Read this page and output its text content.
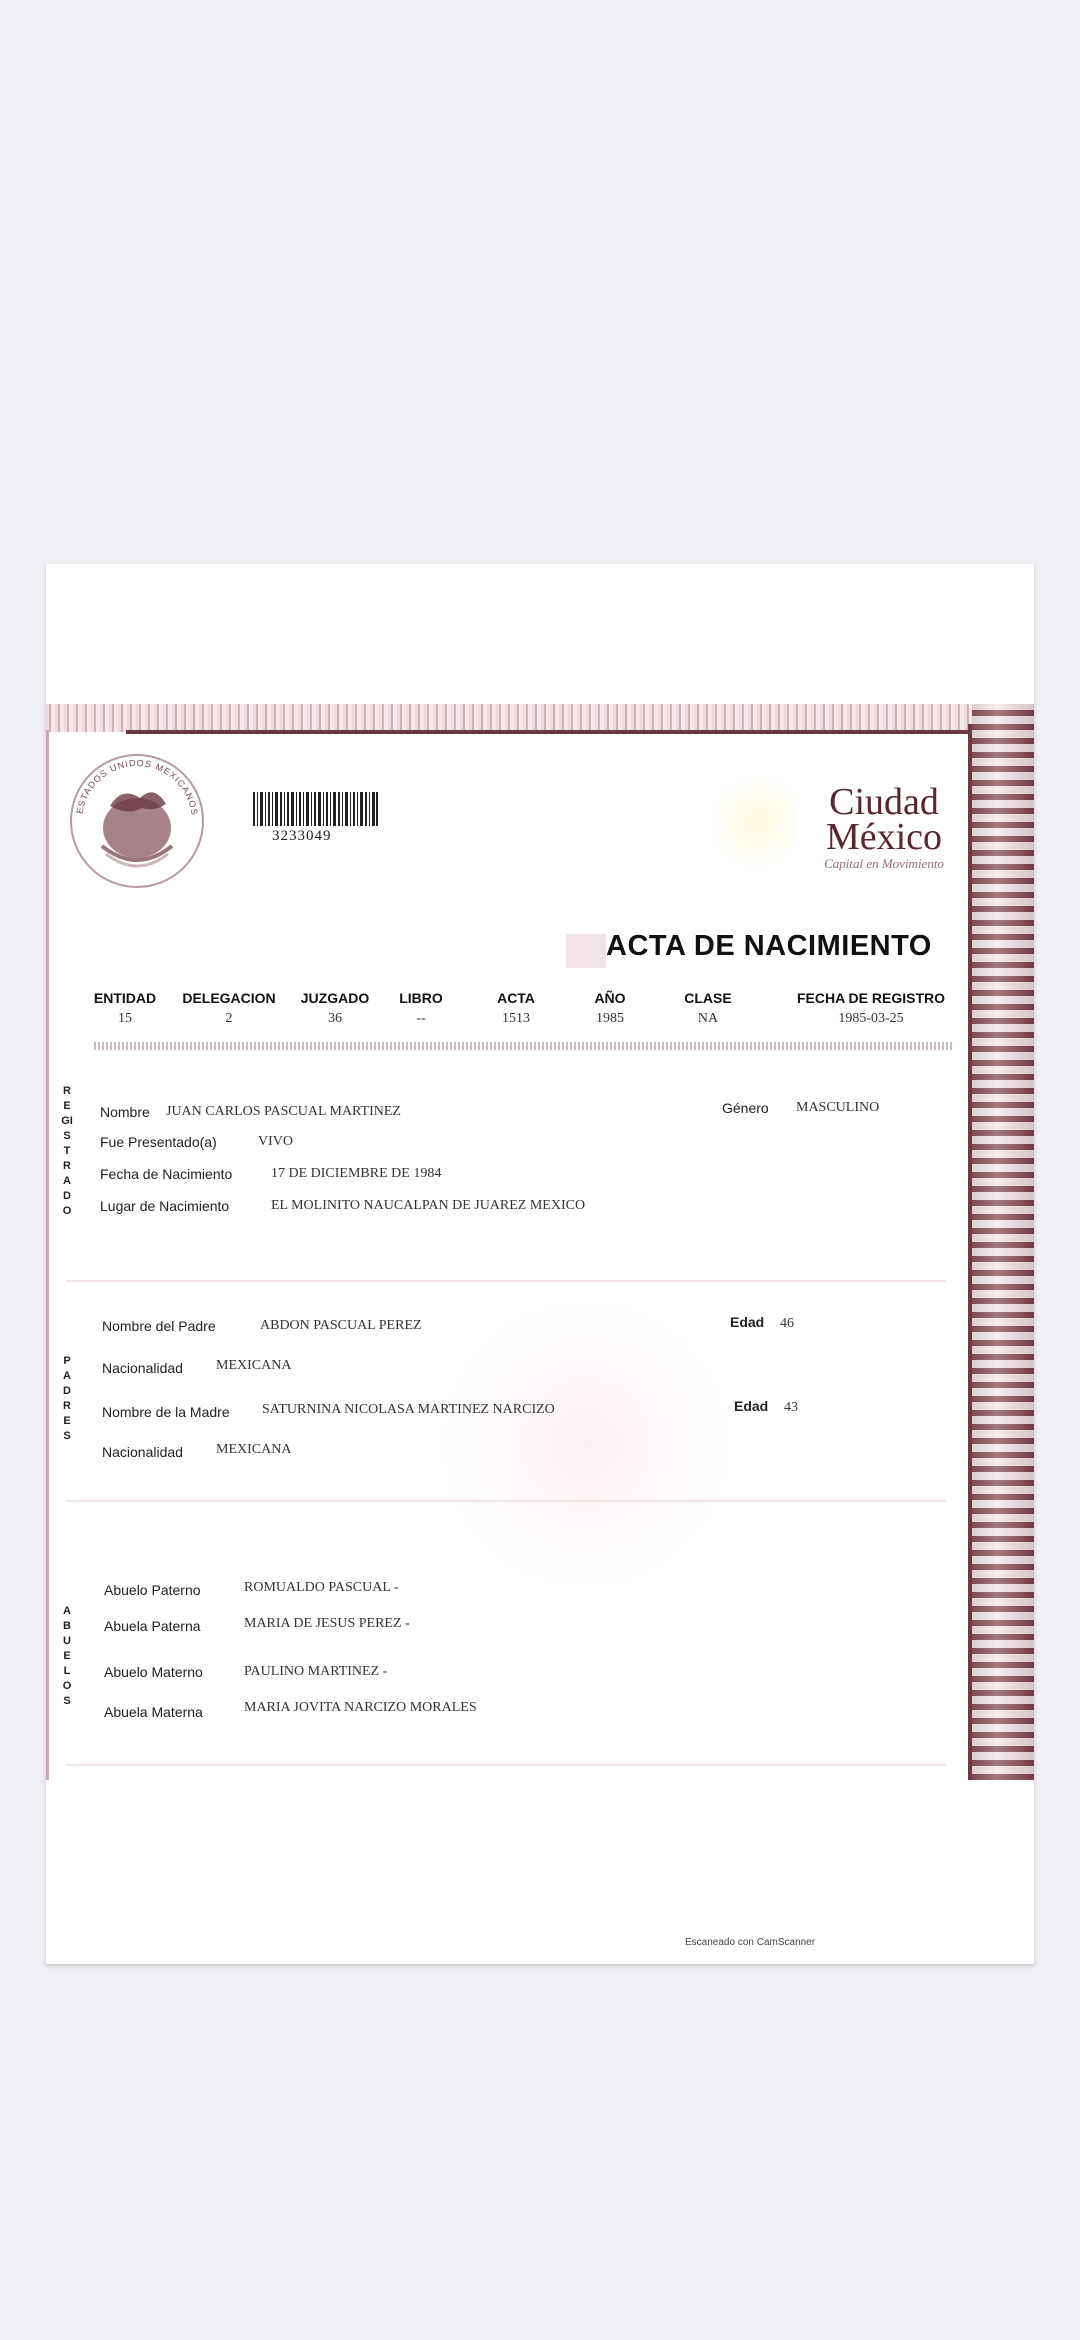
ESTADOS UNIDOS MEXICANOS
3233049
Ciudad
México
Capital en Movimiento
ACTA DE NACIMIENTO
ENTIDAD	DELEGACION	JUZGADO	LIBRO	ACTA	AÑO	CLASE	FECHA DE REGISTRO
15	2	36	--	1513	1985	NA	1985-03-25
REGISTRADO
Nombre JUAN CARLOS PASCUAL MARTINEZ	Género MASCULINO
Fue Presentado(a)	VIVO
Fecha de Nacimiento	17 DE DICIEMBRE DE 1984
Lugar de Nacimiento	EL MOLINITO NAUCALPAN DE JUAREZ MEXICO
PADRES
Nombre del Padre	ABDON PASCUAL PEREZ	Edad 46
Nacionalidad MEXICANA
Nombre de la Madre SATURNINA NICOLASA MARTINEZ NARCIZO	Edad 43
Nacionalidad MEXICANA
ABUELOS
Abuelo Paterno	ROMUALDO PASCUAL -
Abuela Paterna	MARIA DE JESUS PEREZ -
Abuelo Materno	PAULINO MARTINEZ -
Abuela Materna	MARIA JOVITA NARCIZO MORALES
Escaneado con CamScanner
